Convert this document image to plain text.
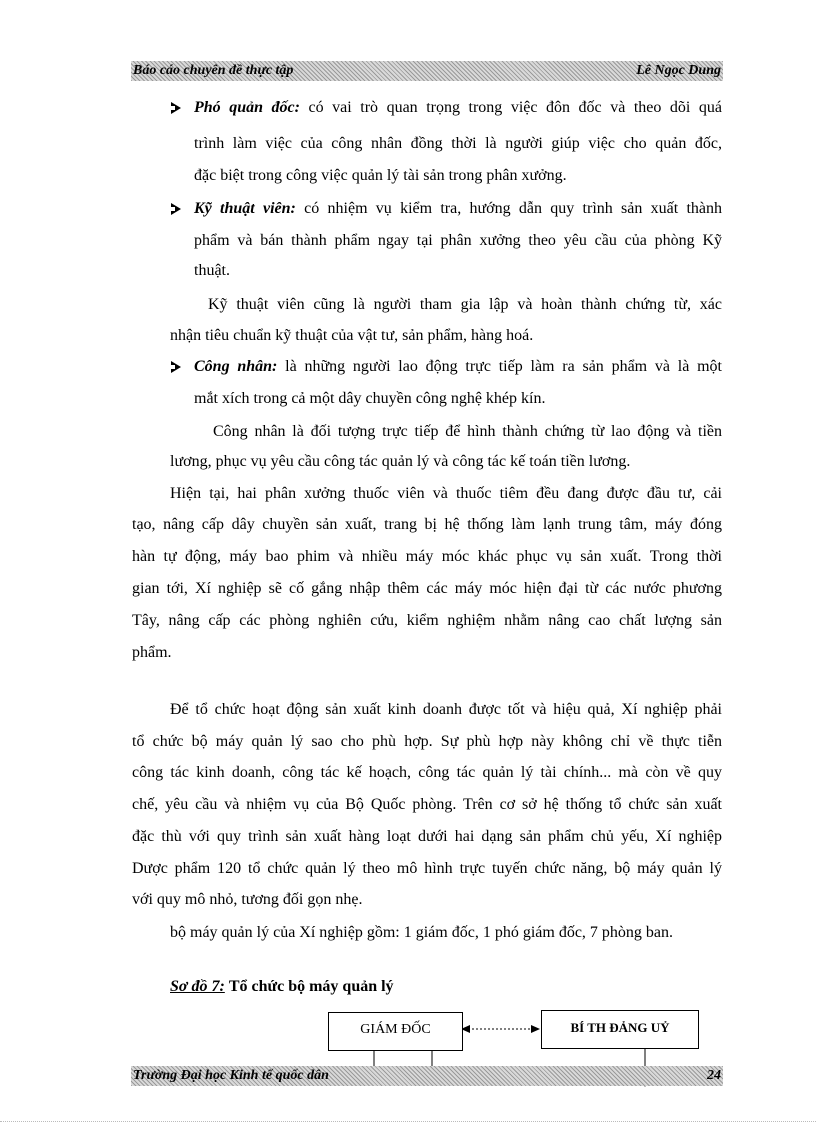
Báo cáo chuyên đề thực tập	Lê Ngọc Dung
Phó quản đốc: có vai trò quan trọng trong việc đôn đốc và theo dõi quá
trình làm việc của công nhân đồng thời là người giúp việc cho quản đốc,
đặc biệt trong công việc quản lý tài sản trong phân xưởng.
Kỹ thuật viên: có nhiệm vụ kiểm tra, hướng dẫn quy trình sản xuất thành
phẩm và bán thành phẩm ngay tại phân xưởng theo yêu cầu của phòng Kỹ
thuật.
Kỹ thuật viên cũng là người tham gia lập và hoàn thành chứng từ, xác
nhận tiêu chuẩn kỹ thuật của vật tư, sản phẩm, hàng hoá.
Công nhân: là những người lao động trực tiếp làm ra sản phẩm và là một
mắt xích trong cả một dây chuyền công nghệ khép kín.
Công nhân là đối tượng trực tiếp để hình thành chứng từ lao động và tiền
lương, phục vụ yêu cầu công tác quản lý và công tác kế toán tiền lương.
Hiện tại, hai phân xưởng thuốc viên và thuốc tiêm đều đang được đầu tư, cải
tạo, nâng cấp dây chuyền sản xuất, trang bị hệ thống làm lạnh trung tâm, máy đóng
hàn tự động, máy bao phim và nhiều máy móc khác phục vụ sản xuất. Trong thời
gian tới, Xí nghiệp sẽ cố gắng nhập thêm các máy móc hiện đại từ các nước phương
Tây, nâng cấp các phòng nghiên cứu, kiểm nghiệm nhằm nâng cao chất lượng sản
phẩm.
Để tổ chức hoạt động sản xuất kinh doanh được tốt và hiệu quả, Xí nghiệp phải
tổ chức bộ máy quản lý sao cho phù hợp. Sự phù hợp này không chỉ về thực tiễn
công tác kinh doanh, công tác kế hoạch, công tác quản lý tài chính... mà còn về quy
chế, yêu cầu và nhiệm vụ của Bộ Quốc phòng. Trên cơ sở hệ thống tổ chức sản xuất
đặc thù với quy trình sản xuất hàng loạt dưới hai dạng sản phẩm chủ yếu, Xí nghiệp
Dược phẩm 120 tổ chức quản lý theo mô hình trực tuyến chức năng, bộ máy quản lý
với quy mô nhỏ, tương đối gọn nhẹ.
bộ máy quản lý của Xí nghiệp gồm: 1 giám đốc, 1 phó giám đốc, 7 phòng ban.
Sơ đồ 7: Tổ chức bộ máy quản lý
GIÁM ĐỐC	BÍ TH ĐẢNG UỶ
Trường Đại học Kinh tế quốc dân	24
